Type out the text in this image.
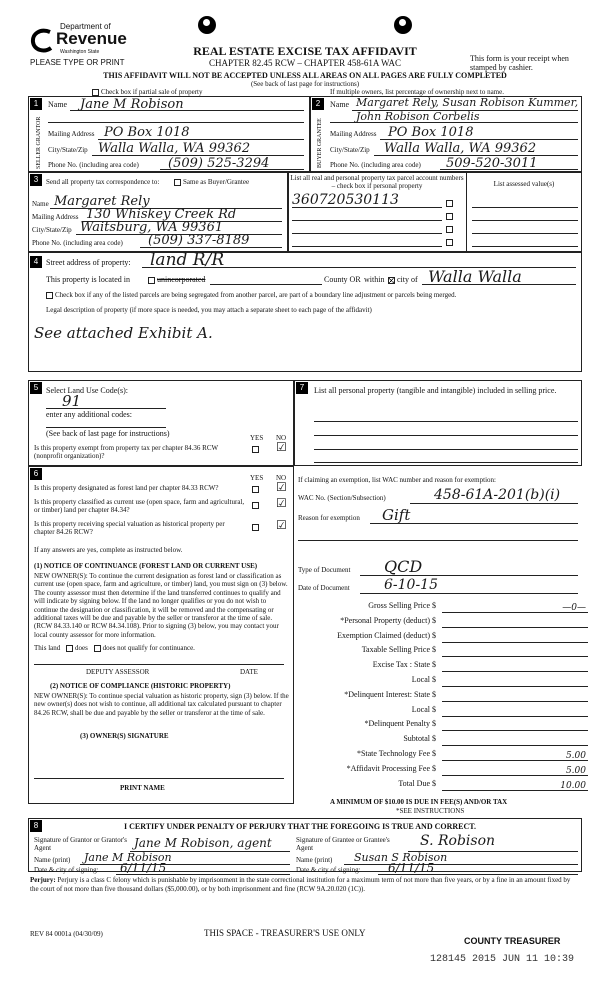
Department of
Revenue
Washington State
PLEASE TYPE OR PRINT
REAL ESTATE EXCISE TAX AFFIDAVIT
CHAPTER 82.45 RCW – CHAPTER 458-61A WAC	This form is your receipt when stamped by cashier.
THIS AFFIDAVIT WILL NOT BE ACCEPTED UNLESS ALL AREAS ON ALL PAGES ARE FULLY COMPLETED
(See back of last page for instructions)
Check box if partial sale of property	If multiple owners, list percentage of ownership next to name.
1
SELLER GRANTOR
Name Jane M Robison
Mailing Address PO Box 1018
City/State/Zip Walla Walla, WA 99362
Phone No. (including area code) (509) 525-3294
2
BUYER GRANTEE
Name Margaret Rely, Susan Robison Kummer,
John Robison Corbelis
Mailing Address PO Box 1018
City/State/Zip Walla Walla, WA 99362
Phone No. (including area code) 509-520-3011
3	Send all property tax correspondence to:	Same as Buyer/Grantee
Name Margaret Rely
Mailing Address 130 Whiskey Creek Rd
City/State/Zip Waitsburg, WA 99361
Phone No. (including area code) (509) 337-8189
List all real and personal property tax parcel account numbers – check box if personal property	List assessed value(s)
360720530113
4 Street address of property: land R/R
This property is located in	unincorporated	County OR within	city of Walla Walla
Check box if any of the listed parcels are being segregated from another parcel, are part of a boundary line adjustment or parcels being merged.
Legal description of property (if more space is needed, you may attach a separate sheet to each page of the affidavit)
See attached Exhibit A.
5 Select Land Use Code(s):
91
enter any additional codes:
(See back of last page for instructions)	YES NO
Is this property exempt from property tax per chapter 84.36 RCW (nonprofit organization)?
☑
7	List all personal property (tangible and intangible) included in selling price.
6	YES NO
Is this property designated as forest land per chapter 84.33 RCW?	☑
Is this property classified as current use (open space, farm and agricultural, or timber) land per chapter 84.34?	☑
Is this property receiving special valuation as historical property per chapter 84.26 RCW?	☑
If any answers are yes, complete as instructed below.
(1) NOTICE OF CONTINUANCE (FOREST LAND OR CURRENT USE)
NEW OWNER(S): To continue the current designation as forest land or classification as current use (open space, farm and agriculture, or timber) land, you must sign on (3) below. The county assessor must then determine if the land transferred continues to qualify and will indicate by signing below. If the land no longer qualifies or you do not wish to continue the designation or classification, it will be removed and the compensating or additional taxes will be due and payable by the seller or transferor at the time of sale. (RCW 84.33.140 or RCW 84.34.108). Prior to signing (3) below, you may contact your local county assessor for more information.
This land does does not qualify for continuance.
DEPUTY ASSESSOR	DATE
(2) NOTICE OF COMPLIANCE (HISTORIC PROPERTY)
NEW OWNER(S): To continue special valuation as historic property, sign (3) below. If the new owner(s) does not wish to continue, all additional tax calculated pursuant to chapter 84.26 RCW, shall be due and payable by the seller or transferor at the time of sale.
(3) OWNER(S) SIGNATURE
PRINT NAME
If claiming an exemption, list WAC number and reason for exemption:
WAC No. (Section/Subsection)	458-61A-201(b)(i)
Reason for exemption Gift
Type of Document QCD
Date of Document 6-10-15
Gross Selling Price $	—0—
*Personal Property (deduct) $
Exemption Claimed (deduct) $
Taxable Selling Price $
Excise Tax : State $
Local $
*Delinquent Interest: State $
Local $
*Delinquent Penalty $
Subtotal $
*State Technology Fee $	5.00
*Affidavit Processing Fee $	5.00
Total Due $	10.00
A MINIMUM OF $10.00 IS DUE IN FEE(S) AND/OR TAX
*SEE INSTRUCTIONS
8	I CERTIFY UNDER PENALTY OF PERJURY THAT THE FOREGOING IS TRUE AND CORRECT.
Signature of Grantor or Grantor's Agent	Jane M Robison, agent
Name (print) Jane M Robison
Date & city of signing: 6/11/15
Signature of Grantee or Grantee's Agent	S. Robison
Name (print) Susan S Robison
Date & city of signing: 6/11/15
Perjury: Perjury is a class C felony which is punishable by imprisonment in the state correctional institution for a maximum term of not more than five years, or by a fine in an amount fixed by the court of not more than five thousand dollars ($5,000.00), or by both imprisonment and fine (RCW 9A.20.020 (1C)).
REV 84 0001a (04/30/09)	THIS SPACE - TREASURER'S USE ONLY
COUNTY TREASURER
128145 2015 JUN 11 10:39
